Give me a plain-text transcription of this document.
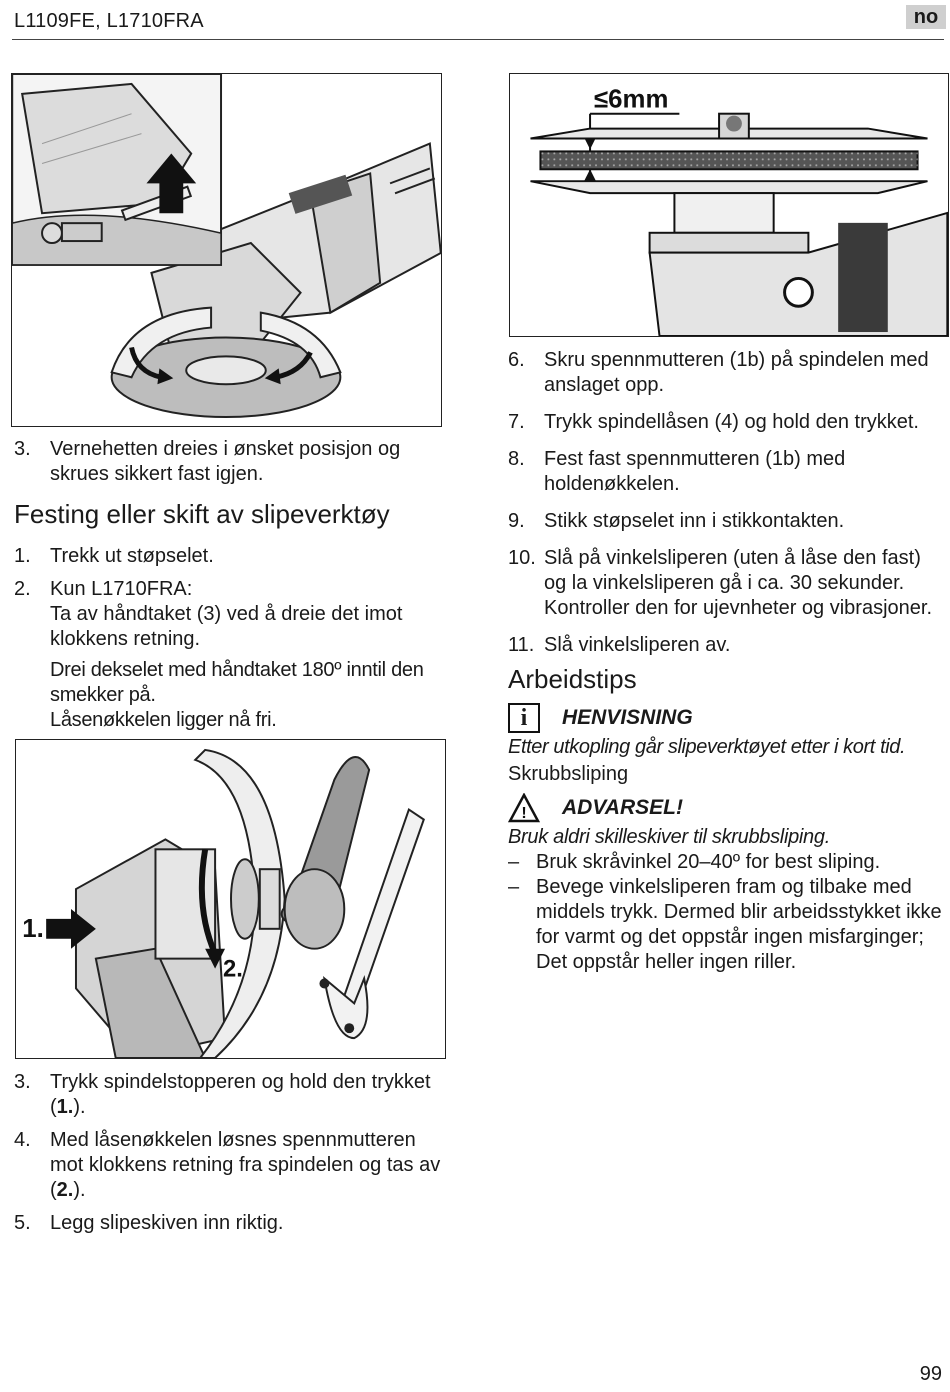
L1109FE, L1710FRA	no
≤6mm
3. Vernehetten dreies i ønsket posisjon og skrues sikkert fast igjen.
Festing eller skift av slipeverktøy
1. Trekk ut støpselet.
2. Kun L1710FRA:
Ta av håndtaket (3) ved å dreie det imot klokkens retning.
Drei dekselet med håndtaket 180º inntil den smekker på.
Låsenøkkelen ligger nå fri.
1.
2.
3. Trykk spindelstopperen og hold den trykket (1.).
4. Med låsenøkkelen løsnes spennmutteren mot klokkens retning fra spindelen og tas av (2.).
5. Legg slipeskiven inn riktig.
6. Skru spennmutteren (1b) på spindelen med anslaget opp.
7. Trykk spindellåsen (4) og hold den trykket.
8. Fest fast spennmutteren (1b) med holdenøkkelen.
9. Stikk støpselet inn i stikkontakten.
10. Slå på vinkelsliperen (uten å låse den fast) og la vinkelsliperen gå i ca. 30 sekunder. Kontroller den for ujevnheter og vibrasjoner.
11. Slå vinkelsliperen av.
Arbeidstips
i	HENVISNING
Etter utkopling går slipeverktøyet etter i kort tid.
Skrubbsliping
! ADVARSEL!
Bruk aldri skilleskiver til skrubbsliping.
– Bruk skråvinkel 20–40º for best sliping.
– Bevege vinkelsliperen fram og tilbake med middels trykk. Dermed blir arbeidsstykket ikke for varmt og det oppstår ingen misfarginger; Det oppstår heller ingen riller.
99
